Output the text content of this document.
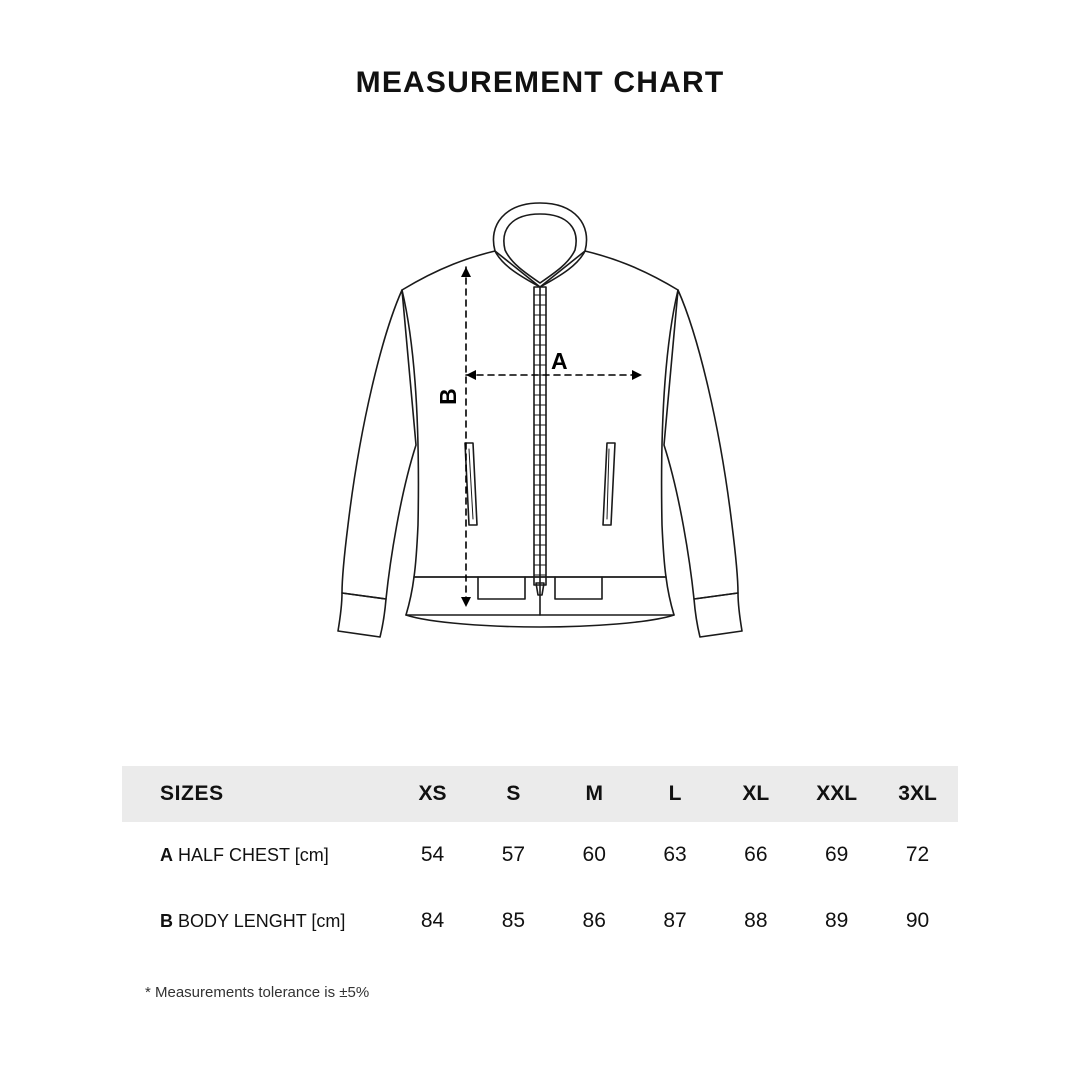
MEASUREMENT CHART
A
B
SIZES	XS	S	M	L	XL	XXL	3XL
A HALF CHEST [cm]	54	57	60	63	66	69	72
B BODY LENGHT [cm]	84	85	86	87	88	89	90
* Measurements tolerance is ±5%
